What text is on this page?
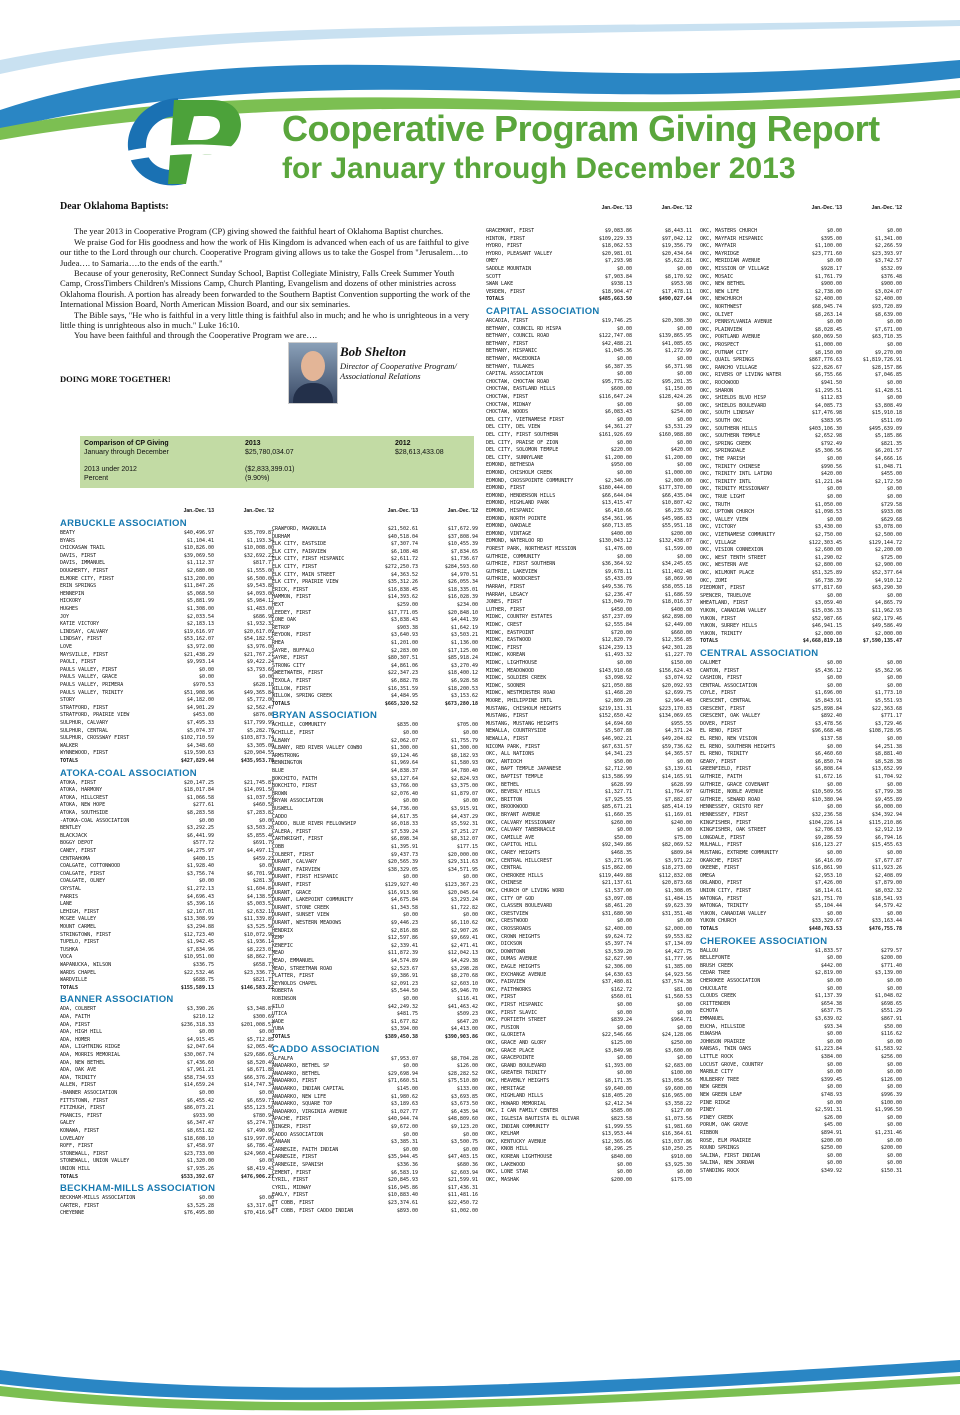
Cooperative Program Giving Report
for January through December 2013

Dear Oklahoma Baptists:

The year 2013 in Cooperative Program (CP) giving showed the faithful heart of Oklahoma Baptist churches.

We praise God for His goodness and how the work of His Kingdom is advanced when each of us are faithful to give our tithe to the Lord through our church. Cooperative Program giving allows us to take the Gospel from "Jerusalem…to Judea…. to Samaria….to the ends of the earth."

Because of your generosity, ReConnect Sunday School, Baptist Collegiate Ministry, Falls Creek Summer Youth Camp, CrossTimbers Children's Missions Camp, Church Planting, Evangelism and dozens of other ministries across Oklahoma flourish. A portion has already been forwarded to the Southern Baptist Convention supporting the work of the International Mission Board, North American Mission Board, and our six seminaries.

The Bible says, "He who is faithful in a very little thing is faithful also in much; and he who is unrighteous in a very little thing is unrighteous also in much." Luke 16:10.

You have been faithful and through the Cooperative Program we are….

DOING MORE TOGETHER!
Bob Shelton
Director of Cooperative Program/
Associational Relations
Comparison of CP Giving	2013	2012
January through December	$25,780,034.07	$28,613,433.08
2013 under 2012	($2,833,399.01)
Percent	(9.90%)
Jan.-Dec. '13	Jan.-Dec. '12
ARBUCKLE ASSOCIATION
BEATY	$40,496.97	$35,709.87
BYARS	$1,104.41	$1,193.34
CHICKASAW TRAIL	$10,826.00	$10,008.00
DAVIS, FIRST	$39,069.50	$32,692.22
DAVIS, IMMANUEL	$1,112.37	$817.77
DOUGHERTY, FIRST	$2,680.00	$1,555.00
ELMORE CITY, FIRST	$13,200.00	$6,500.00
ERIN SPRINGS	$11,847.26	$9,543.88
HENNEPIN	$5,068.50	$4,093.00
HICKORY	$5,881.99	$5,984.12
HUGHES	$1,308.00	$1,483.00
JOY	$2,033.54	$686.98
KATIE VICTORY	$2,183.13	$1,932.32
LINDSAY, CALVARY	$19,616.97	$20,617.09
LINDSAY, FIRST	$53,162.07	$54,182.55
LOVE	$3,972.00	$3,976.00
MAYSVILLE, FIRST	$21,438.29	$21,767.27
PAOLI, FIRST	$9,993.14	$9,422.24
PAULS VALLEY, FIRST	$0.00	$3,793.60
PAULS VALLEY, GRACE	$0.00	$0.00
PAULS VALLEY, PRIMERA	$970.53	$628.18
PAULS VALLEY, TRINITY	$51,908.96	$49,365.84
STORY	$4,182.00	$5,772.00
STRATFORD, FIRST	$4,901.29	$2,562.47
STRATFORD, PRAIRIE VIEW	$453.00	$876.00
SULPHUR, CALVARY	$7,495.33	$17,799.99
SULPHUR, CENTRAL	$5,074.37	$5,282.76
SULPHUR, CROSSWAY FIRST	$102,710.59	$103,873.74
WALKER	$4,348.60	$3,305.00
WYNNEWOOD, FIRST	$19,590.63	$20,904.55
TOTALS	$427,829.44	$435,953.78
ATOKA-COAL ASSOCIATION
ATOKA, FIRST	$20,147.25	$21,745.87
ATOKA, HARMONY	$18,017.84	$14,091.50
ATOKA, HILLCREST	$1,066.58	$1,037.59
ATOKA, NEW HOPE	$277.61	$460.58
ATOKA, SOUTHSIDE	$8,283.58	$7,283.82
-ATOKA-COAL ASSOCIATION	$0.00	$0.00
BENTLEY	$3,292.25	$3,503.20
BLACKJACK	$6,441.99	$5,855.46
BOGGY DEPOT	$577.72	$691.79
CANEY, FIRST	$4,275.97	$4,497.13
CENTRAHOMA	$400.15	$459.23
COALGATE, COTTONWOOD	$1,928.40	$0.00
COALGATE, FIRST	$3,756.74	$6,701.96
COALGATE, OLNEY	$0.00	$281.36
CRYSTAL	$1,272.13	$1,604.84
FARRIS	$4,696.43	$4,138.55
LANE	$5,396.16	$5,003.52
LEHIGH, FIRST	$2,167.01	$2,632.10
MCGEE VALLEY	$13,308.99	$11,339.89
MOUNT CARMEL	$3,294.88	$3,525.56
STRINGTOWN, FIRST	$12,723.40	$10,072.98
TUPELO, FIRST	$1,942.45	$1,936.14
TUSHKA	$7,834.96	$8,223.01
VOCA	$10,951.00	$8,862.77
WAPANUCKA, WILSON	$336.75	$658.73
WARDS CHAPEL	$22,532.46	$23,336.73
WARDVILLE	$688.75	$821.71
TOTALS	$155,589.13	$146,583.22
BANNER ASSOCIATION
ADA, COLBERT	$3,390.26	$3,348.87
ADA, FAITH	$210.12	$300.69
ADA, FIRST	$236,318.33	$201,008.57
ADA, HIGH HILL	$0.00	$0.00
ADA, HOMER	$4,915.45	$5,712.85
ADA, LIGHTNING RIDGE	$2,047.64	$2,065.46
ADA, MORRIS MEMORIAL	$30,067.74	$29,686.65
ADA, NEW BETHEL	$7,436.60	$8,520.49
ADA, OAK AVE	$7,961.21	$8,671.88
ADA, TRINITY	$58,734.93	$66,376.26
ALLEN, FIRST	$14,659.24	$14,747.34
-BANNER ASSOCIATION	$0.00	$0.00
FITTSTOWN, FIRST	$6,455.42	$6,659.73
FITZHUGH, FIRST	$86,073.21	$55,123.50
FRANCIS, FIRST	$933.90	$780.94
GALEY	$6,347.47	$5,274.70
KONAWA, FIRST	$8,651.82	$7,490.90
LOVELADY	$18,608.10	$19,997.06
ROFF, FIRST	$7,458.97	$6,786.46
STONEWALL, FIRST	$23,733.00	$24,960.41
STONEWALL, UNION VALLEY	$1,320.00	$0.00
UNION HILL	$7,935.26	$8,419.43
TOTALS	$533,392.67	$476,906.27
BECKHAM-MILLS ASSOCIATION
BECKHAM-MILLS ASSOCIATION	$0.00	$0.00
CARTER, FIRST	$3,525.28	$3,317.04
CHEYENNE	$76,495.80	$70,416.94
Jan.-Dec. '13	Jan.-Dec. '12
CRAWFORD, MAGNOLIA	$21,502.61	$17,672.99
DURHAM	$40,518.04	$37,808.94
ELK CITY, EASTSIDE	$7,307.74	$10,455.39
ELK CITY, FAIRVIEW	$6,108.48	$7,834.65
ELK CITY, FIRST HISPANIC	$2,611.72	$1,736.67
ELK CITY, FIRST	$272,250.73	$284,593.60
ELK CITY, MAIN STREET	$4,363.52	$4,970.51
ELK CITY, PRAIRIE VIEW	$35,312.26	$26,055.34
ERICK, FIRST	$16,838.45	$18,335.01
HAMMON, FIRST	$14,393.62	$16,028.39
HEXT	$259.00	$234.00
LEEDEY, FIRST	$17,771.05	$20,848.10
LONE OAK	$3,838.43	$4,441.39
RETROP	$903.38	$1,642.19
REYDON, FIRST	$3,640.93	$3,503.21
RHEA	$1,201.00	$1,136.00
SAYRE, BUFFALO	$2,283.00	$17,125.00
SAYRE, FIRST	$80,307.51	$85,918.24
STRONG CITY	$4,861.06	$3,270.49
SWEETWATER, FIRST	$22,347.23	$18,400.12
TEXOLA, FIRST	$6,882.78	$6,928.58
WILLOW, FIRST	$16,351.59	$18,200.53
WILLOW, SPRING CREEK	$4,484.95	$3,153.62
TOTALS	$665,320.52	$673,280.18
BRYAN ASSOCIATION
ACHILLE, COMMUNITY	$835.00	$705.00
ACHILLE, FIRST	$0.00	$0.00
ALBANY	$2,062.07	$1,755.79
ALBANY, RED RIVER VALLEY COWBO	$1,300.00	$1,300.00
ARMSTRONG	$9,124.46	$8,182.93
BENNINGTON	$1,969.64	$1,580.93
BLUE	$4,838.37	$4,780.40
BOKCHITO, FAITH	$3,127.64	$2,824.93
BOKCHITO, FIRST	$3,766.00	$3,375.00
BROWN	$2,076.40	$1,879.07
BRYAN ASSOCIATION	$0.00	$0.00
BUSWELL	$4,736.00	$3,915.91
CADDO	$4,617.35	$4,437.29
CADDO, BLUE RIVER FELLOWSHIP	$6,018.33	$5,592.31
CALERA, FIRST	$7,539.24	$7,251.27
CARTWRIGHT, FIRST	$6,898.34	$8,312.07
COBB	$1,395.91	$177.15
COLBERT, FIRST	$9,437.73	$20,000.00
DURANT, CALVARY	$20,565.39	$29,311.63
DURANT, FAIRVIEW	$38,329.05	$34,571.95
DURANT, FIRST HISPANIC	$0.00	$0.00
DURANT, FIRST	$129,927.40	$123,367.23
DURANT, GRACE	$16,913.98	$20,045.64
DURANT, LAKEPOINT COMMUNITY	$4,675.84	$3,293.24
DURANT, STONE CREEK	$1,343.58	$1,722.82
DURANT, SUNSET VIEW	$0.00	$0.00
DURANT, WESTERN MEADOWS	$9,446.23	$6,110.62
HENDRIX	$2,816.88	$2,907.26
KEMP	$12,597.86	$9,669.41
KENEFIC	$2,339.41	$2,471.41
MEAD	$11,872.39	$12,042.13
MEAD, EMMANUEL	$4,574.89	$4,429.38
MEAD, STREETMAN ROAD	$2,523.67	$3,298.28
PLATTER, FIRST	$9,386.91	$8,270.68
REYNOLDS CHAPEL	$2,091.23	$2,603.10
ROBERTA	$5,544.50	$5,946.70
ROBINSON	$0.00	$116.41
SILO	$42,249.32	$41,463.42
UTICA	$481.75	$509.23
WADE	$1,677.82	$647.20
YUBA	$3,394.00	$4,413.00
TOTALS	$389,450.38	$390,903.86
CADDO ASSOCIATION
ALFALFA	$7,953.07	$8,704.28
ANADARKO, BETHEL SP	$0.00	$126.00
ANADARKO, BETHEL	$29,698.94	$28,282.52
ANADARKO, FIRST	$71,660.51	$75,510.80
ANADARKO, INDIAN CAPITAL	$145.00	$133.00
ANADARKO, NEW LIFE	$1,980.62	$3,693.85
ANADARKO, SQUARE TOP	$3,189.63	$3,673.50
ANADARKO, VIRGINIA AVENUE	$1,027.77	$6,435.94
APACHE, FIRST	$40,944.74	$48,809.60
BINGER, FIRST	$9,672.00	$9,123.20
CADDO ASSOCIATION	$0.00	$0.00
CANAAN	$3,385.31	$3,500.75
CARNEGIE, FAITH INDIAN	$0.00	$0.00
CARNEGIE, FIRST	$35,944.45	$47,403.15
CARNEGIE, SPANISH	$336.36	$680.36
CEMENT, FIRST	$6,583.19	$2,603.94
CYRIL, FIRST	$20,845.93	$21,599.91
CYRIL, MIDWAY	$16,945.86	$17,436.31
EAKLY, FIRST	$10,883.40	$11,481.16
FT COBB, FIRST	$23,374.61	$22,450.72
FT COBB, FIRST CADDO INDIAN	$893.00	$1,002.00
Jan.-Dec. '13	Jan.-Dec. '12
GRACEMONT, FIRST	$9,083.86	$8,443.11
HINTON, FIRST	$109,229.33	$97,042.12
HYDRO, FIRST	$18,062.53	$19,356.79
HYDRO, PLEASANT VALLEY	$20,981.01	$20,434.64
OMEY	$7,293.98	$5,622.81
SADDLE MOUNTAIN	$0.00	$0.00
SCOTT	$7,903.84	$8,170.92
SWAN LAKE	$938.13	$953.98
VERDEN, FIRST	$18,904.47	$17,478.11
TOTALS	$485,663.50	$490,027.64
CAPITAL ASSOCIATION
ARCADIA, FIRST	$19,746.25	$20,308.30
BETHANY, COUNCIL RD HISPA	$0.00	$0.00
BETHANY, COUNCIL ROAD	$122,747.08	$139,865.95
BETHANY, FIRST	$42,488.21	$41,085.65
BETHANY, HISPANIC	$1,045.36	$1,272.99
BETHANY, MACEDONIA	$0.00	$0.00
BETHANY, TULAKES	$6,387.35	$6,371.98
CAPITAL ASSOCIATION	$0.00	$0.00
CHOCTAW, CHOCTAW ROAD	$95,775.82	$95,201.35
CHOCTAW, EASTLAND HILLS	$600.00	$1,150.00
CHOCTAW, FIRST	$116,647.24	$128,424.26
CHOCTAW, MIDWAY	$0.00	$0.00
CHOCTAW, WOODS	$6,083.43	$254.00
DEL CITY, VIETNAMESE FIRST	$0.00	$0.00
DEL CITY, DEL VIEW	$4,361.27	$3,531.29
DEL CITY, FIRST SOUTHERN	$161,926.69	$160,988.80
DEL CITY, PRAISE OF ZION	$0.00	$0.00
DEL CITY, SOLOMON TEMPLE	$220.00	$420.00
DEL CITY, SUNNYLANE	$1,200.00	$1,200.00
EDMOND, BETHESDA	$950.00	$0.00
EDMOND, CHISHOLM CREEK	$0.00	$1,000.00
EDMOND, CROSSPOINTE COMMUNITY	$2,346.00	$2,000.00
EDMOND, FIRST	$180,444.00	$177,370.00
EDMOND, HENDERSON HILLS	$66,644.04	$66,435.04
EDMOND, HIGHLAND PARK	$13,415.47	$10,807.42
EDMOND, HISPANIC	$6,410.66	$6,235.92
EDMOND, NORTH POINTE	$54,361.96	$45,986.83
EDMOND, OAKDALE	$60,713.85	$55,951.18
EDMOND, VINTAGE	$400.00	$200.00
EDMOND, WATERLOO RD	$130,043.12	$132,438.07
FOREST PARK, NORTHEAST MISSION	$1,476.00	$1,599.00
GUTHRIE, COMMUNITY	$0.00	$0.00
GUTHRIE, FIRST SOUTHERN	$36,364.92	$34,245.65
GUTHRIE, LAKEVIEW	$9,678.11	$11,402.48
GUTHRIE, WOODCREST	$5,433.09	$8,069.90
HARRAH, FIRST	$49,536.76	$58,055.18
HARRAH, LEGACY	$2,236.47	$1,686.59
JONES, FIRST	$13,049.70	$18,016.37
LUTHER, FIRST	$450.00	$400.00
MIDWC, COUNTRY ESTATES	$57,237.09	$62,898.00
MIDWC, CREST	$2,555.84	$2,449.00
MIDWC, EASTPOINT	$720.00	$660.00
MIDWC, EASTWOOD	$12,820.79	$12,356.85
MIDWC, FIRST	$124,239.13	$42,301.28
MIDWC, KOREAN	$1,493.32	$1,227.70
MIDWC, LIGHTHOUSE	$0.00	$150.00
MIDWC, MEADOWOOD	$143,910.68	$156,624.43
MIDWC, SOLDIER CREEK	$3,098.92	$3,074.92
MIDWC, SOONER	$21,050.88	$20,092.93
MIDWC, WESTMINSTER ROAD	$1,468.20	$2,699.75
MOORE, PHILIPPINE INTL	$2,809.28	$2,964.48
MUSTANG, CHISHOLM HEIGHTS	$219,131.31	$223,170.83
MUSTANG, FIRST	$152,650.42	$134,069.65
MUSTANG, MUSTANG HEIGHTS	$4,694.60	$955.55
NEWALLA, COUNTRYSIDE	$5,507.88	$4,371.24
NEWALLA, FIRST	$46,902.21	$49,204.82
NICOMA PARK, FIRST	$67,631.57	$59,736.62
OKC, ALL NATIONS	$4,341.23	$4,365.57
OKC, ANTIOCH	$50.00	$0.00
OKC, BAPT TEMPLE JAPANESE	$2,712.90	$3,139.61
OKC, BAPTIST TEMPLE	$13,586.99	$14,165.91
OKC, BETHEL	$628.99	$628.99
OKC, BEVERLY HILLS	$1,327.71	$1,764.97
OKC, BRITTON	$7,925.55	$7,882.87
OKC, BROOKWOOD	$85,671.21	$85,414.19
OKC, BRYANT AVENUE	$1,660.35	$1,169.01
OKC, CALVARY MISSIONARY	$260.00	$240.00
OKC, CALVARY TABERNACLE	$0.00	$0.00
OKC, CAMILLE AVE	$50.00	$75.00
OKC, CAPITOL HILL	$92,349.86	$82,069.52
OKC, CAREY HEIGHTS	$468.35	$809.84
OKC, CENTRAL HILLCREST	$3,271.96	$3,971.22
OKC, CENTRAL	$15,862.00	$18,273.00
OKC, CHEROKEE HILLS	$119,449.88	$112,832.08
OKC, CHINESE	$21,137.61	$20,873.68
OKC, CHURCH OF LIVING WORD	$1,537.00	$1,308.05
OKC, CITY OF GOD	$3,097.08	$1,484.15
OKC, CLASSEN BOULEVARD	$8,461.20	$9,623.39
OKC, CRESTVIEW	$31,680.90	$31,351.48
OKC, CRESTWOOD	$0.00	$0.00
OKC, CROSSROADS	$2,400.00	$2,000.00
OKC, CROWN HEIGHTS	$9,624.72	$9,553.82
OKC, DICKSON	$5,397.74	$7,134.09
OKC, DOWNTOWN	$3,539.20	$4,427.75
OKC, DUMAS AVENUE	$2,627.90	$1,777.96
OKC, EAGLE HEIGHTS	$2,306.00	$1,385.00
OKC, EXCHANGE AVENUE	$4,630.63	$4,923.56
OKC, FAIRVIEW	$37,480.81	$37,574.38
OKC, FAITHWORKS	$162.72	$81.00
OKC, FIRST	$560.01	$1,560.53
OKC, FIRST HISPANIC	$0.00	$0.00
OKC, FIRST SLAVIC	$0.00	$0.00
OKC, FORTIETH STREET	$839.24	$964.71
OKC, FUSION	$0.00	$0.00
OKC, GLORIETA	$22,546.66	$24,128.06
OKC, GRACE AND GLORY	$125.00	$250.00
OKC, GRACE PLACE	$3,849.98	$3,600.00
OKC, GRACEPOINTE	$0.00	$0.00
OKC, GRAND BOULEVARD	$1,393.00	$2,683.00
OKC, GREATER TRINITY	$0.00	$100.00
OKC, HEAVENLY HEIGHTS	$8,171.35	$13,058.56
OKC, HERITAGE	$9,640.00	$9,600.00
OKC, HIGHLAND HILLS	$18,405.20	$16,965.00
OKC, HOWARD MEMORIAL	$2,412.34	$3,358.22
OKC, I CAN FAMILY CENTER	$585.00	$127.00
OKC, IGLESIA BAUTISTA EL OLIVAR	$823.58	$1,073.56
OKC, INDIAN COMMUNITY	$1,999.55	$1,981.60
OKC, KELHAM	$13,953.44	$16,364.61
OKC, KENTUCKY AVENUE	$12,365.66	$13,037.86
OKC, KNOB HILL	$8,296.25	$10,250.25
OKC, KOREAN LIGHTHOUSE	$840.00	$910.00
OKC, LAKEWOOD	$0.00	$3,925.30
OKC, LONE STAR	$0.00	$0.00
OKC, MASHAK	$200.00	$175.00
Jan.-Dec. '13	Jan.-Dec. '12
OKC, MASTERS CHURCH	$0.00	$0.00
OKC, MAYFAIR HISPANIC	$395.00	$1,341.00
OKC, MAYFAIR	$1,100.00	$2,266.59
OKC, MAYRIDGE	$23,771.60	$23,393.97
OKC, MERIDIAN AVENUE	$0.00	$3,742.57
OKC, MISSION OF VILLAGE	$928.17	$532.09
OKC, MOSAIC	$1,761.79	$376.48
OKC, NEW BETHEL	$900.00	$900.00
OKC, NEW LIFE	$2,738.00	$3,024.07
OKC, NEWCHURCH	$2,400.00	$2,400.00
OKC, NORTHWEST	$68,945.74	$93,720.89
OKC, OLIVET	$8,263.14	$8,639.00
OKC, PENNSYLVANIA AVENUE	$0.00	$0.00
OKC, PLAINVIEW	$8,028.45	$7,671.00
OKC, PORTLAND AVENUE	$60,069.50	$63,710.35
OKC, PROSPECT	$1,000.00	$0.00
OKC, PUTNAM CITY	$8,150.00	$9,270.00
OKC, QUAIL SPRINGS	$867,776.63	$1,819,726.91
OKC, RANCHO VILLAGE	$22,826.67	$28,157.86
OKC, RIVERS OF LIVING WATER	$6,755.66	$7,046.85
OKC, ROCKWOOD	$941.50	$0.00
OKC, SHARON	$1,295.51	$1,428.51
OKC, SHIELDS BLVD HISP	$112.83	$0.00
OKC, SHIELDS BOULEVARD	$4,085.73	$3,808.49
OKC, SOUTH LINDSAY	$17,476.98	$15,910.18
OKC, SOUTH OKC	$383.95	$511.09
OKC, SOUTHERN HILLS	$403,106.30	$495,639.09
OKC, SOUTHERN TEMPLE	$2,652.98	$5,185.86
OKC, SPRING CREEK	$792.49	$821.35
OKC, SPRINGDALE	$5,306.56	$6,201.57
OKC, THE PARISH	$0.00	$4,666.16
OKC, TRINITY CHINESE	$990.56	$1,048.71
OKC, TRINITY INTL LATINO	$420.00	$455.00
OKC, TRINITY INTL	$1,221.84	$2,172.50
OKC, TRINITY MISSIONARY	$0.00	$0.00
OKC, TRUE LIGHT	$0.00	$0.00
OKC, TRUTH	$1,050.00	$729.58
OKC, UPTOWN CHURCH	$1,098.53	$933.08
OKC, VALLEY VIEW	$0.00	$629.68
OKC, VICTORY	$3,430.00	$3,078.00
OKC, VIETNAMESE COMMUNITY	$2,750.00	$2,500.00
OKC, VILLAGE	$122,303.45	$129,144.72
OKC, VISION CONNEXION	$2,600.00	$2,200.00
OKC, WEST TENTH STREET	$1,290.02	$725.00
OKC, WESTERN AVE	$2,800.00	$2,900.00
OKC, WILMONT PLACE	$51,325.89	$52,377.64
OKC, ZOMI	$6,738.39	$4,910.12
PIEDMONT, FIRST	$77,817.60	$63,290.30
SPENCER, TRUELOVE	$0.00	$0.00
WHEATLAND, FIRST	$3,059.40	$4,865.79
YUKON, CANADIAN VALLEY	$15,036.33	$11,962.93
YUKON, FIRST	$52,987.66	$62,179.46
YUKON, SURREY HILLS	$46,941.15	$49,586.49
YUKON, TRINITY	$2,000.00	$2,000.00
TOTALS	$4,668,819.18	$7,590,135.47
CENTRAL ASSOCIATION
CALUMET	$0.00	$0.00
CANTON, FIRST	$5,436.12	$5,362.96
CASHION, FIRST	$0.00	$0.00
CENTRAL ASSOCIATION	$0.00	$0.00
COYLE, FIRST	$1,696.00	$1,773.10
CRESCENT, CENTRAL	$5,843.91	$5,551.93
CRESCENT, FIRST	$25,898.84	$22,363.68
CRESCENT, OAK VALLEY	$892.40	$771.17
DOVER, FIRST	$3,478.56	$3,729.46
EL RENO, FIRST	$96,668.48	$108,728.95
EL RENO, NEW VISION	$137.58	$0.00
EL RENO, SOUTHERN HEIGHTS	$0.00	$4,251.38
EL RENO, TRINITY	$6,460.60	$8,881.40
GEARY, FIRST	$6,850.74	$8,528.38
GREENFIELD, FIRST	$6,808.64	$13,652.99
GUTHRIE, FAITH	$1,672.16	$1,704.92
GUTHRIE, GRACE COVENANT	$0.00	$0.00
GUTHRIE, NOBLE AVENUE	$10,509.56	$7,799.38
GUTHRIE, SEWARD ROAD	$10,380.94	$9,455.89
HENNESSEY, CRISTO REY	$0.00	$6,000.00
HENNESSEY, FIRST	$32,236.58	$34,392.94
KINGFISHER, FIRST	$104,226.14	$115,210.86
KINGFISHER, OAK STREET	$2,706.83	$2,912.19
LONGDALE, FIRST	$9,286.59	$6,794.16
MULHALL, FIRST	$16,123.27	$15,455.63
MUSTANG, EXTREME COMMUNITY	$0.00	$0.00
OKARCHE, FIRST	$6,416.09	$7,677.87
OKEENE, FIRST	$16,861.90	$11,923.26
OMEGA	$2,953.10	$2,408.09
ORLANDO, FIRST	$7,426.00	$7,879.00
UNION CITY, FIRST	$8,114.61	$8,032.32
WATONGA, FIRST	$21,751.70	$18,541.93
WATONGA, TRINITY	$5,104.44	$4,579.42
YUKON, CANADIAN VALLEY	$0.00	$0.00
YUKON CHURCH	$33,329.67	$33,163.44
TOTALS	$448,763.53	$476,755.78
CHEROKEE ASSOCIATION
BALLOU	$1,833.57	$279.57
BELLEFONTE	$0.00	$200.00
BRUSH CREEK	$442.00	$771.40
CEDAR TREE	$2,819.00	$3,139.00
CHEROKEE ASSOCIATION	$0.00	$0.00
CHUCULATE	$0.00	$0.00
CLOUDS CREEK	$1,137.39	$1,048.02
CRITTENDEN	$654.38	$698.65
ECHOTA	$637.75	$551.29
EMMANUEL	$3,639.02	$867.91
EUCHA, HILLSIDE	$93.34	$50.00
EUWASHA	$0.00	$116.62
JOHNSON PRAIRIE	$0.00	$0.00
KANSAS, TWIN OAKS	$1,223.84	$1,583.92
LITTLE ROCK	$384.00	$256.00
LOCUST GROVE, COUNTRY	$0.00	$0.00
MARBLE CITY	$0.00	$0.00
MULBERRY TREE	$399.45	$126.00
NEW GREEN	$0.00	$0.00
NEW GREEN LEAF	$748.93	$996.39
PINE RIDGE	$0.00	$100.00
PINEY	$2,591.31	$1,996.50
PINEY CREEK	$26.00	$0.00
PORUM, OAK GROVE	$45.00	$0.00
RIBBON	$894.91	$1,231.46
ROSE, ELM PRAIRIE	$200.00	$0.00
ROUND SPRINGS	$250.00	$200.00
SALINA, FIRST INDIAN	$0.00	$0.00
SALINA, NEW JORDAN	$0.00	$0.00
STANDING ROCK	$349.92	$150.31
